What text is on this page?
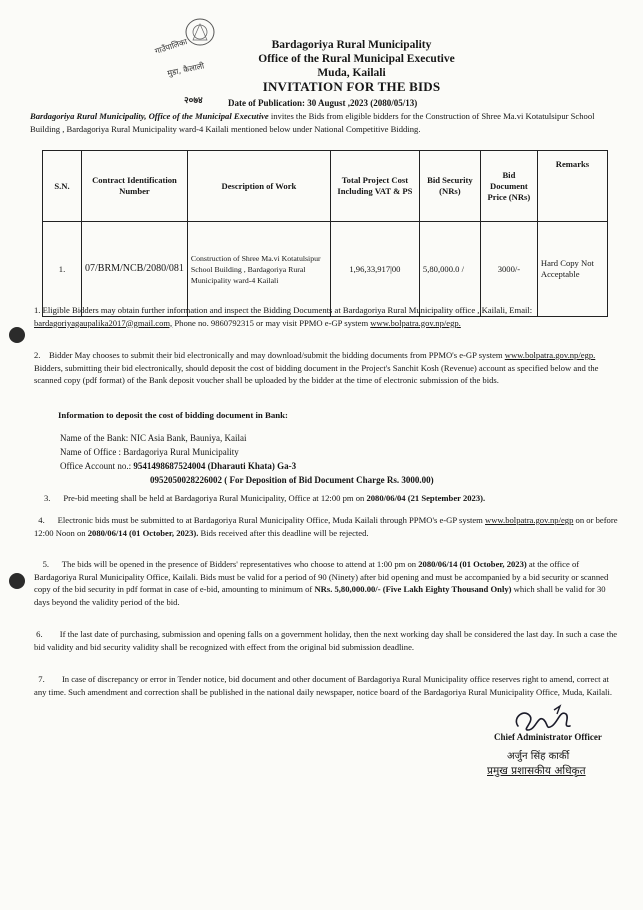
गाउँपालिका
मुडा, कैलाली
२०७४
Bardagoriya Rural Municipality
Office of the Rural Municipal Executive
Muda, Kailali
INVITATION FOR THE BIDS
Date of Publication: 30 August ,2023 (2080/05/13)
Bardagoriya Rural Municipality, Office of the Municipal Executive invites the Bids from eligible bidders for the Construction of Shree Ma.vi Kotatulsipur School Building , Bardagoriya Rural Municipality ward-4 Kailali mentioned below under National Competitive Bidding.
S.N.	Contract Identification Number	Description of Work	Total Project Cost Including VAT & PS	Bid Security (NRs)	Bid Document Price (NRs)	Remarks
1.	07/BRM/NCB/2080/081	Construction of Shree Ma.vi Kotatulsipur School Building , Bardagoriya Rural Municipality ward-4 Kailali	1,96,33,917|00	5,80,000.0 /	3000/-	Hard Copy Not Acceptable
1. Eligible Bidders may obtain further information and inspect the Bidding Documents at Bardagoriya Rural Municipality office , Kailali, Email: bardagoriyagaupalika2017@gmail.com, Phone no. 9860792315 or may visit PPMO e-GP system www.bolpatra.gov.np/egp.
2. Bidder May chooses to submit their bid electronically and may download/submit the bidding documents from PPMO's e-GP system www.bolpatra.gov.np/egp. Bidders, submitting their bid electronically, should deposit the cost of bidding document in the Project's Sanchit Kosh (Revenue) account as specified below and the scanned copy (pdf format) of the Bank deposit voucher shall be uploaded by the bidder at the time of electronic submission of the bids.
Information to deposit the cost of bidding document in Bank:
Name of the Bank: NIC Asia Bank, Bauniya, Kailai
Name of Office : Bardagoriya Rural Municipality
Office Account no.: 9541498687524004 (Dharauti Khata) Ga-3
0952050028226002 ( For Deposition of Bid Document Charge Rs. 3000.00)
3. Pre-bid meeting shall be held at Bardagoriya Rural Municipality, Office at 12:00 pm on 2080/06/04 (21 September 2023).
4. Electronic bids must be submitted to at Bardagoriya Rural Municipality Office, Muda Kailali through PPMO's e-GP system www.bolpatra.gov.np/egp on or before 12:00 Noon on 2080/06/14 (01 October, 2023). Bids received after this deadline will be rejected.
5. The bids will be opened in the presence of Bidders' representatives who choose to attend at 1:00 pm on 2080/06/14 (01 October, 2023) at the office of Bardagoriya Rural Municipality Office, Kailali. Bids must be valid for a period of 90 (Ninety) after bid opening and must be accompanied by a bid security or scanned copy of the bid security in pdf format in case of e-bid, amounting to minimum of NRs. 5,80,000.00/- (Five Lakh Eighty Thousand Only) which shall be valid for 30 days beyond the validity period of the bid.
6. If the last date of purchasing, submission and opening falls on a government holiday, then the next working day shall be considered the last day. In such a case the bid validity and bid security validity shall be recognized with effect from the original bid submission deadline.
7. In case of discrepancy or error in Tender notice, bid document and other document of Bardagoriya Rural Municipality office reserves right to amend, correct at any time. Such amendment and correction shall be published in the national daily newspaper, notice board of the Bardagoriya Rural Municipality Office, Muda, Kailali.
Chief Administrator Officer
अर्जुन सिंह कार्की
प्रमुख प्रशासकीय अधिकृत
